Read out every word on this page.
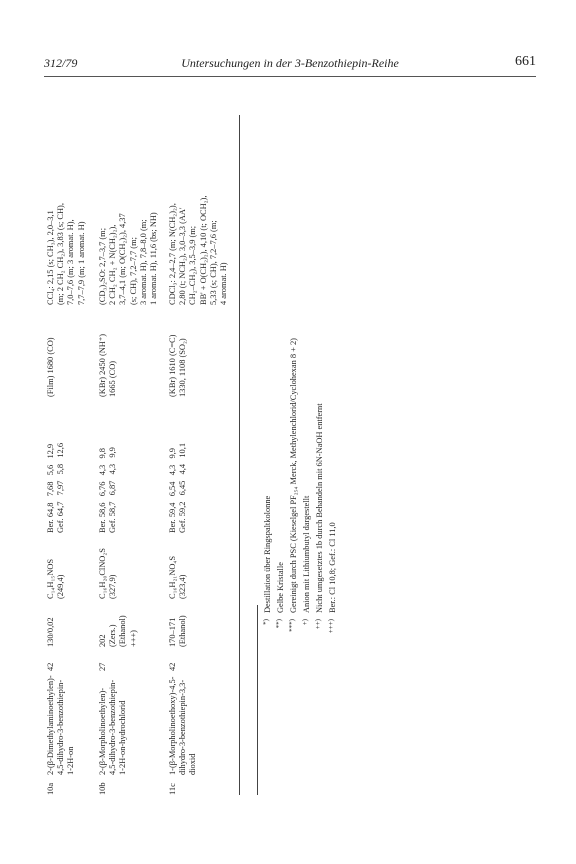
312/79	Untersuchungen in der 3-Benzothiepin-Reihe	661
10a
2-(β-Dimethylaminoethylen)- 4,5-dihydro-3-benzothiepin- 1-2H-on
42
130/0,02
C₁₄H₁₅NOS (249,4)
Ber. 64,8   7,68   5,6   12,9 Gef. 64,7   7,97   5,8   12,6
(Film) 1680 (CO)
CCl₄: 2,15 (s; CH₃), 2,0–3,1 (m; 2 CH₂ CH₂), 3,83 (s; CH), 7,0–7,6 (m; 3 aromat. H), 7,7–7,9 (m; 1 aromat. H)
10b
2-(β-Morpholinoethylen)- 4,5-dihydro-3-benzothiepin- 1-2H-on-hydrochlorid
27
202 (Zers.) (Ethanol) +++)
C₁₆H₂₀ClNO₂S (327,9)
Ber. 58,6   6,76   4,3   9,8 Gef. 58,7   6,87   4,3   9,9
(KBr) 2450 (NH⁺) 1665 (CO)
(CD₃)₂SO: 2,7–3,7 (m; 2 CH₂ CH₂ + N(CH₂)₂), 3,7–4,1 (m; O(CH₂)₂), 4,37 (s; CH), 7,2–7,7 (m; 3 aromat. H), 7,8–8,0 (m; 1 aromat. H), 11,6 (bs; NH)
11c
1-(β-Morpholinoethoxy)-4,5- dihydro-3-benzothiepin-3,3- dioxid
42
170–171 (Ethanol)
C₁₆H₂₁NO₄S (323,4)
Ber. 59,4   6,54   4,3   9,9 Gef. 59,2   6,45   4,4   10,1
(KBr) 1610 (C=C) 1330, 1108 (SO₂)
CDCl₃: 2,4–2,7 (m; N(CH₂)₂), 2,80 (t; NCH₂), 3,0–3,3 (AA' CH₂–CH₂), 3,5–3,9 (m; BB' + O(CH₂)₂), 4,10 (t; OCH₂), 5,33 (s; CH), 7,2–7,6 (m; 4 aromat. H)
*)Destillation über Ringspaltkolonne
**)Gelbe Kristalle
***)Gereinigt durch PSC (Kieselgel PF₂₅₄ Merck, Methylenchlorid/Cyclohexan 8 + 2)
+)Anion mit Lithiumbutyl dargestellt
++)Nicht umgesetztes 1b durch Behandeln mit 6N-NaOH entfernt
+++)Ber.: Cl 10,8; Gef.: Cl 11,0
